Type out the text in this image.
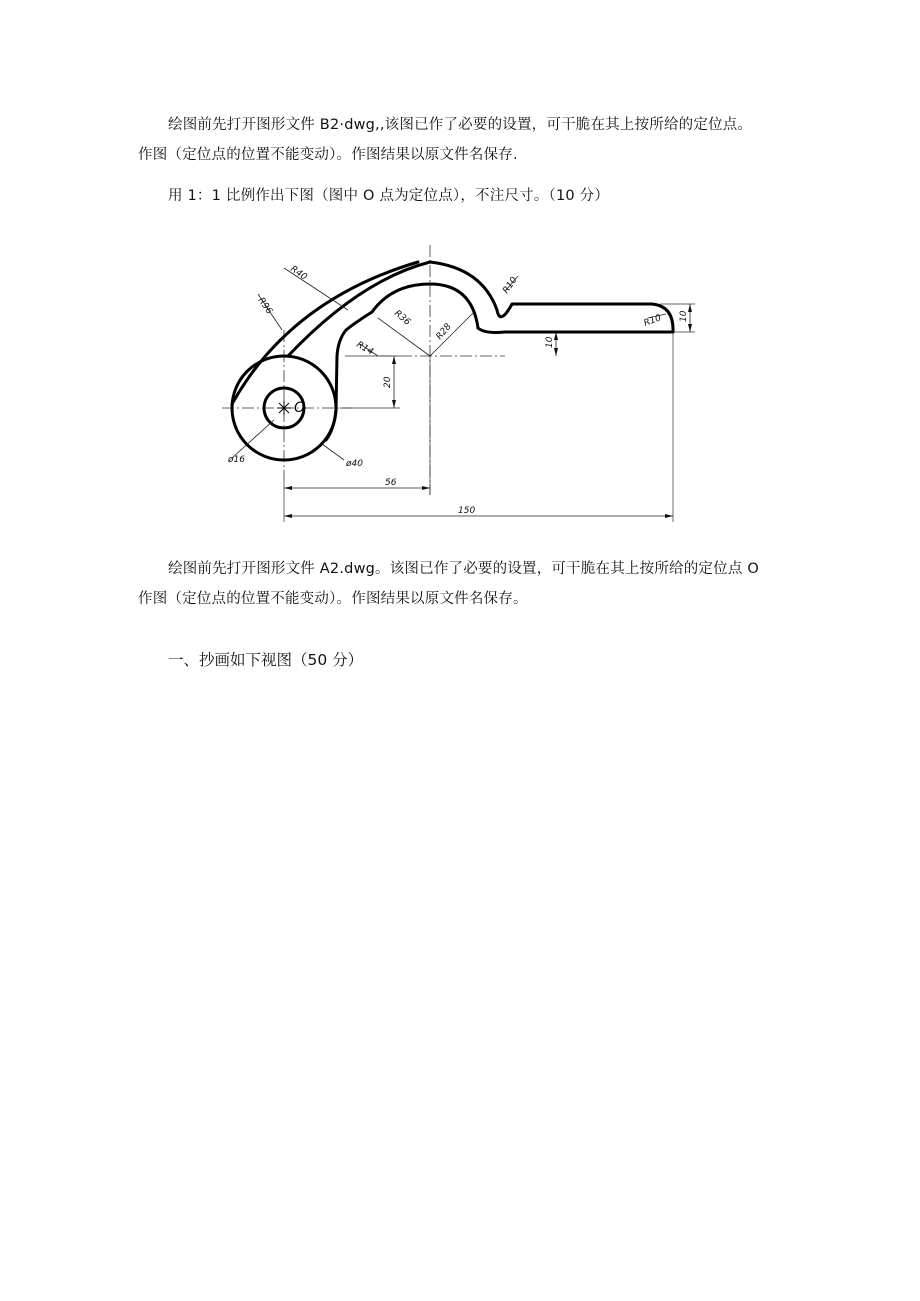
绘图前先打开图形文件 B2·dwg,,该图已作了必要的设置，可干脆在其上按所给的定位点。
作图（定位点的位置不能变动）。作图结果以原文件名保存.
用 1：1 比例作出下图（图中 O 点为定位点），不注尺寸。（10 分）
O
R40
R96
R36
R28
R14
R10
R10 10
10
20
ø16	ø40
56
150
绘图前先打开图形文件 A2.dwg。该图已作了必要的设置，可干脆在其上按所给的定位点 O
作图（定位点的位置不能变动）。作图结果以原文件名保存。
一、抄画如下视图（50 分）
